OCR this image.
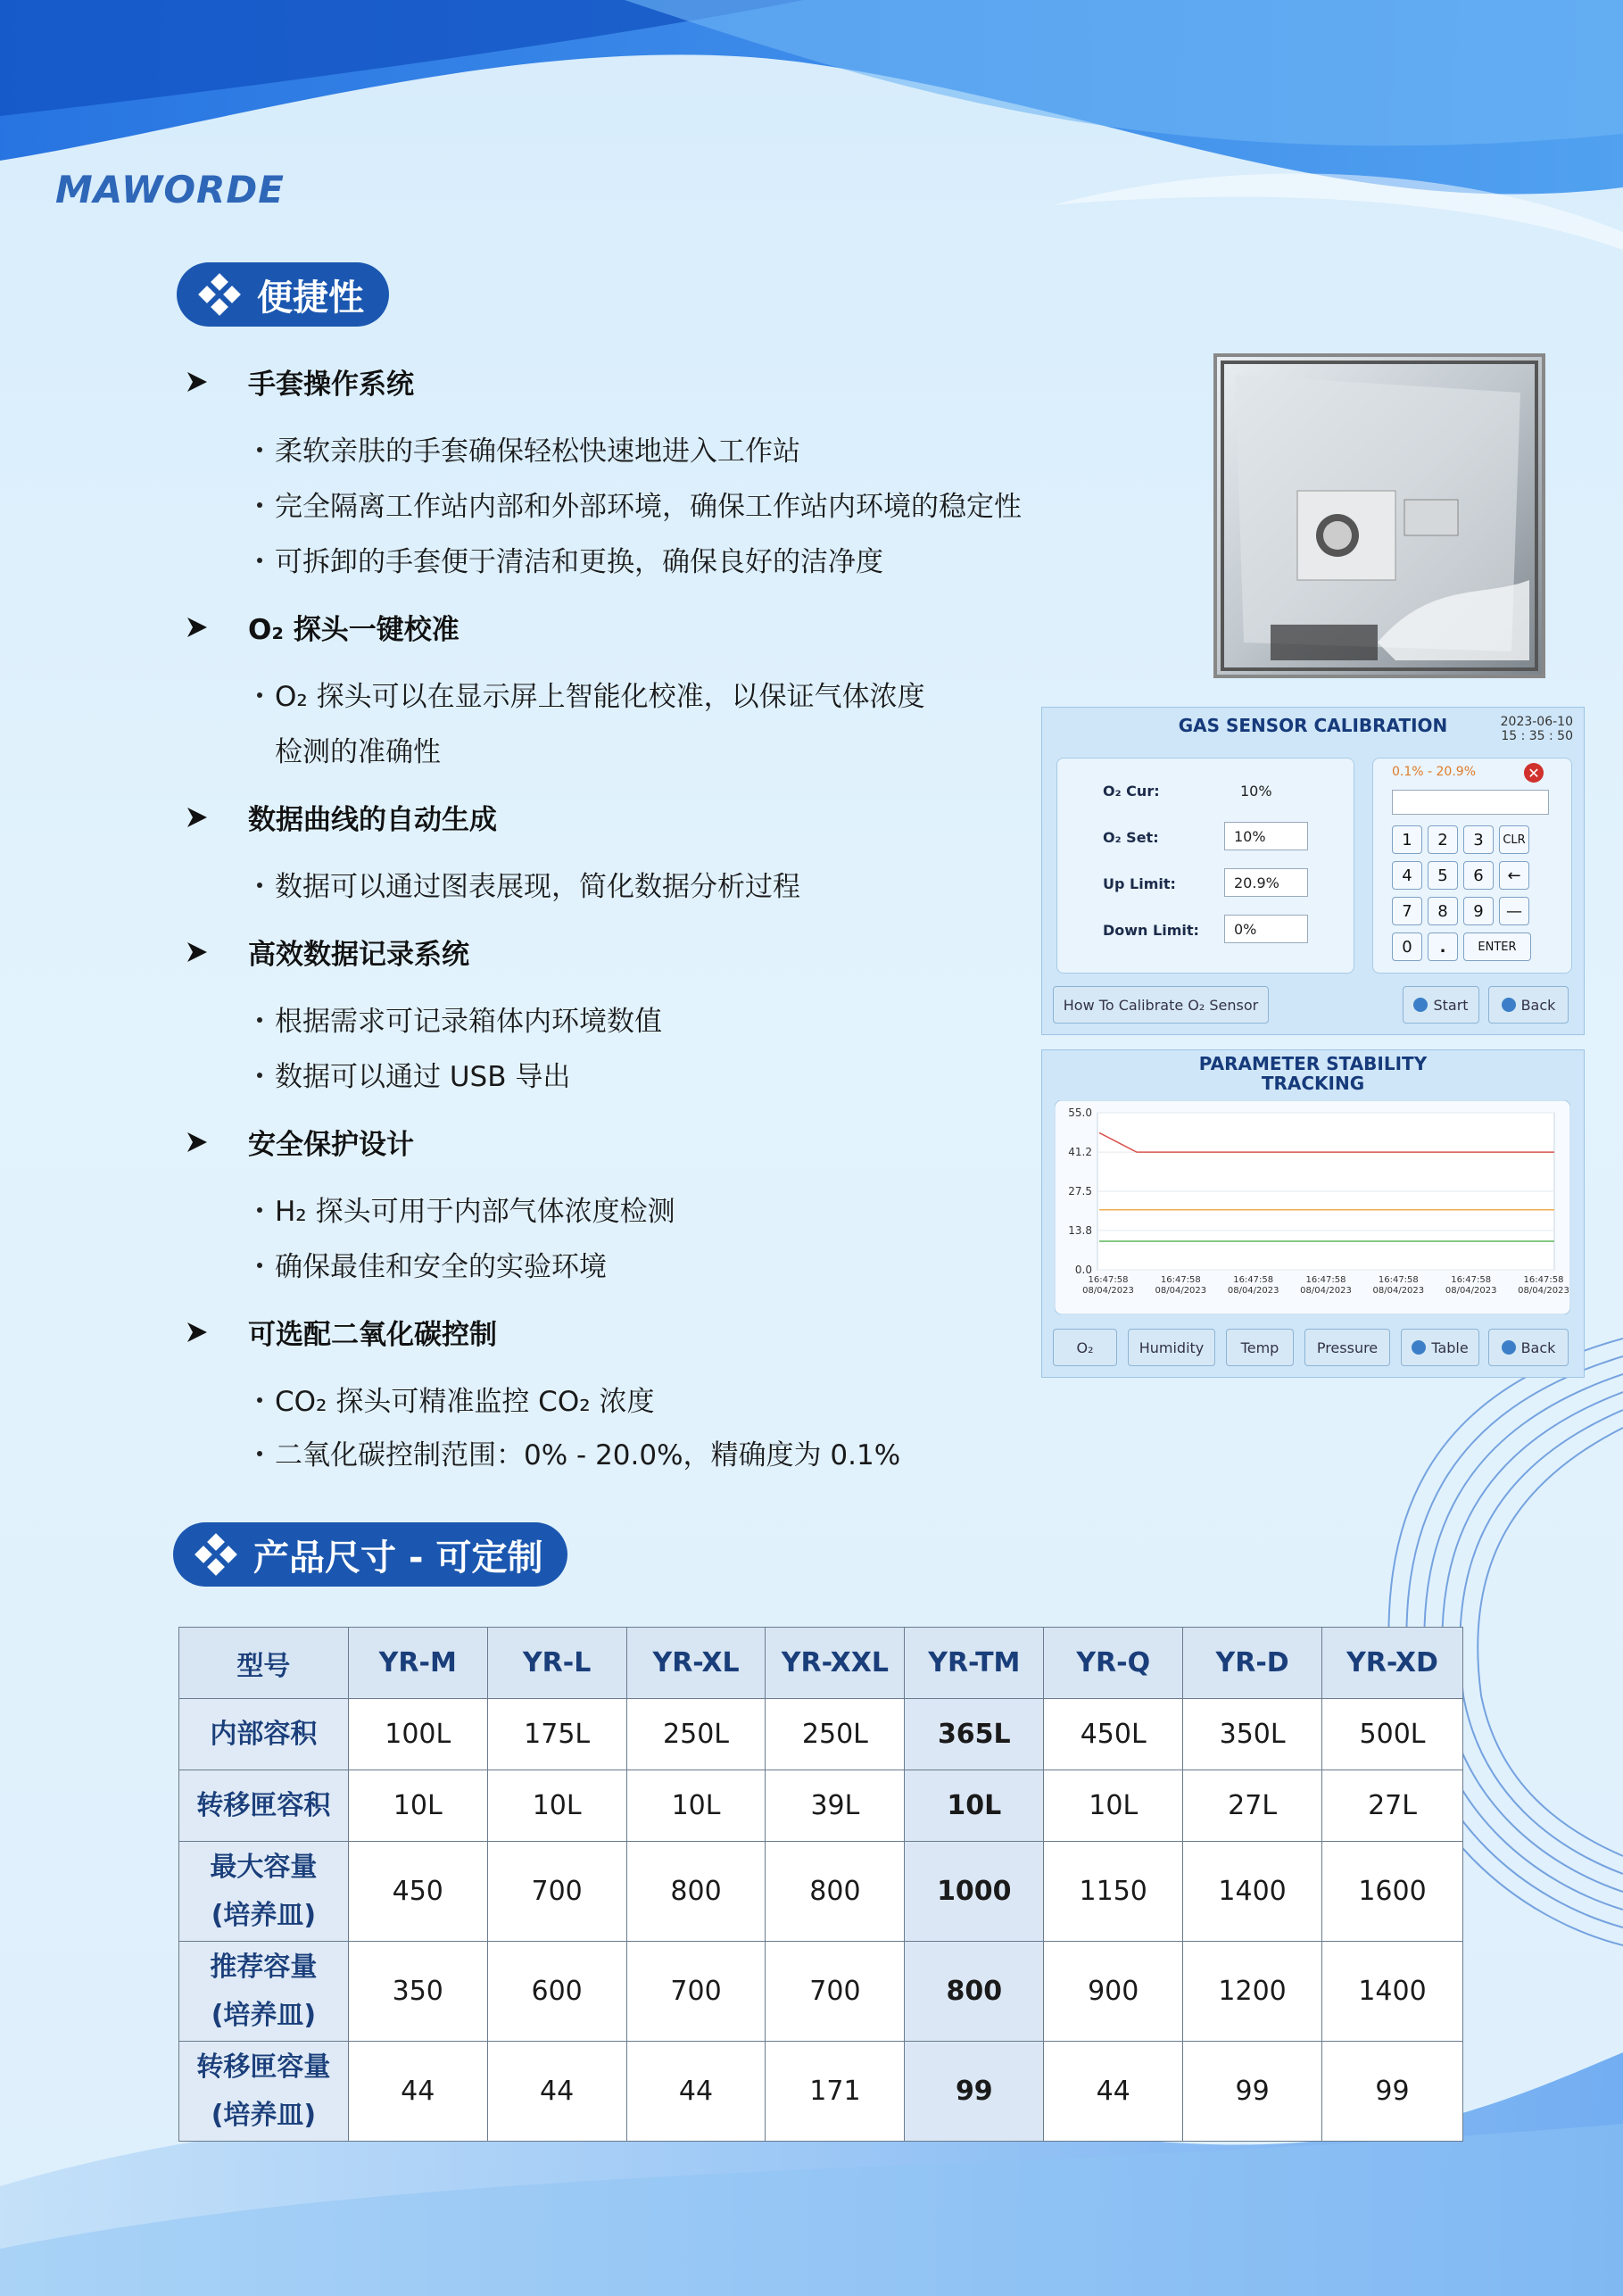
MAWORDE
便捷性
手套操作系统
柔软亲肤的手套确保轻松快速地进入工作站
完全隔离工作站内部和外部环境，确保工作站内环境的稳定性
可拆卸的手套便于清洁和更换，确保良好的洁净度
O₂ 探头一键校准
O₂ 探头可以在显示屏上智能化校准，以保证气体浓度
检测的准确性
数据曲线的自动生成
数据可以通过图表展现，简化数据分析过程
高效数据记录系统
根据需求可记录箱体内环境数值
数据可以通过 USB 导出
安全保护设计
H₂ 探头可用于内部气体浓度检测
确保最佳和安全的实验环境
可选配二氧化碳控制
CO₂ 探头可精准监控 CO₂ 浓度
二氧化碳控制范围：0% - 20.0%，精确度为 0.1%
GAS SENSOR CALIBRATION	2023-06-10
15 : 35 : 50
O₂ Cur:	10%
O₂ Set:	10%
Up Limit:	20.9%
Down Limit:	0%
0.1% - 20.9%	✕
1	2	3	CLR
4	5	6	←
7	8	9	—
0	.	ENTER
How To Calibrate O₂ Sensor	Start	Back
PARAMETER STABILITY
TRACKING
55.0
41.2
27.5
13.8
0.0
16:47:58
08/04/2023
16:47:58
08/04/2023
16:47:58
08/04/2023
16:47:58
08/04/2023
16:47:58
08/04/2023
16:47:58
08/04/2023
16:47:58
08/04/2023
O₂	Humidity	Temp	Pressure	Table	Back
产品尺寸 - 可定制
型号	YR-M	YR-L	YR-XL	YR-XXL	YR-TM	YR-Q	YR-D	YR-XD
内部容积	100L	175L	250L	250L	365L	450L	350L	500L
转移匣容积	10L	10L	10L	39L	10L	10L	27L	27L

最大容量
(培养皿)	450	700	800	800	1000	1150	1400	1600

推荐容量
(培养皿)	350	600	700	700	800	900	1200	1400

转移匣容量
(培养皿)	44	44	44	171	99	44	99	99
